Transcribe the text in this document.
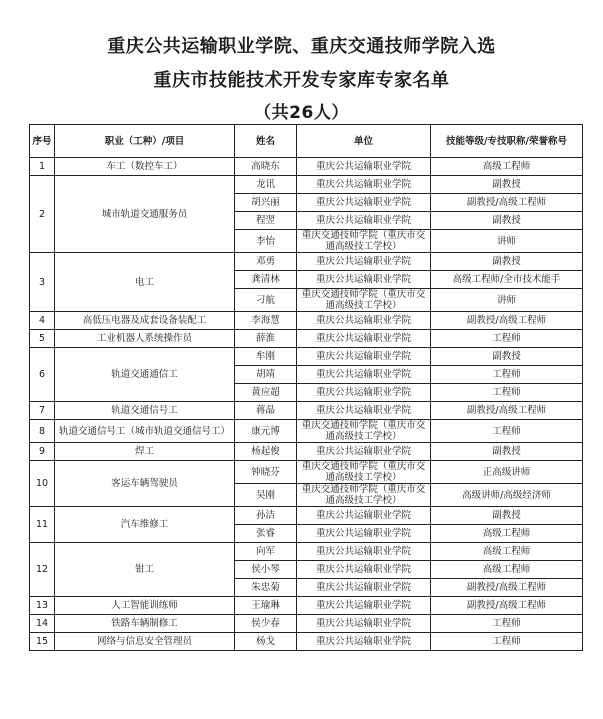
重庆公共运输职业学院、重庆交通技师学院入选
重庆市技能技术开发专家库专家名单
（共26人）
序号	职业（工种）/项目	姓名	单位	技能等级/专技职称/荣誉称号
1	车工（数控车工）	高晓东	重庆公共运输职业学院	高级工程师
2	城市轨道交通服务员	龙讯	重庆公共运输职业学院	副教授
		胡兴丽	重庆公共运输职业学院	副教授/高级工程师
		程翌	重庆公共运输职业学院	副教授
		李怡	重庆交通技师学院（重庆市交通高级技工学校）	讲师
3	电工	邓勇	重庆公共运输职业学院	副教授
		龚清林	重庆公共运输职业学院	高级工程师/全市技术能手
		刁航	重庆交通技师学院（重庆市交通高级技工学校）	讲师
4	高低压电器及成套设备装配工	李海慧	重庆公共运输职业学院	副教授/高级工程师
5	工业机器人系统操作员	薛淮	重庆公共运输职业学院	工程师
6	轨道交通通信工	牟刚	重庆公共运输职业学院	副教授
		胡靖	重庆公共运输职业学院	工程师
		黄应超	重庆公共运输职业学院	工程师
7	轨道交通信号工	蒋晶	重庆公共运输职业学院	副教授/高级工程师
8	轨道交通信号工（城市轨道交通信号工）	康元博	重庆交通技师学院（重庆市交通高级技工学校）	工程师
9	焊工	杨起俊	重庆公共运输职业学院	副教授
10	客运车辆驾驶员	钟晓芬	重庆交通技师学院（重庆市交通高级技工学校）	正高级讲师
		吴刚	重庆交通技师学院（重庆市交通高级技工学校）	高级讲师/高级经济师
11	汽车维修工	孙洁	重庆公共运输职业学院	副教授
		张睿	重庆公共运输职业学院	高级工程师
12	钳工	向军	重庆公共运输职业学院	高级工程师
		侯小琴	重庆公共运输职业学院	高级工程师
		朱忠菊	重庆公共运输职业学院	副教授/高级工程师
13	人工智能训练师	王瑜琳	重庆公共运输职业学院	副教授/高级工程师
14	铁路车辆制修工	侯少春	重庆公共运输职业学院	工程师
15	网络与信息安全管理员	杨戈	重庆公共运输职业学院	工程师
